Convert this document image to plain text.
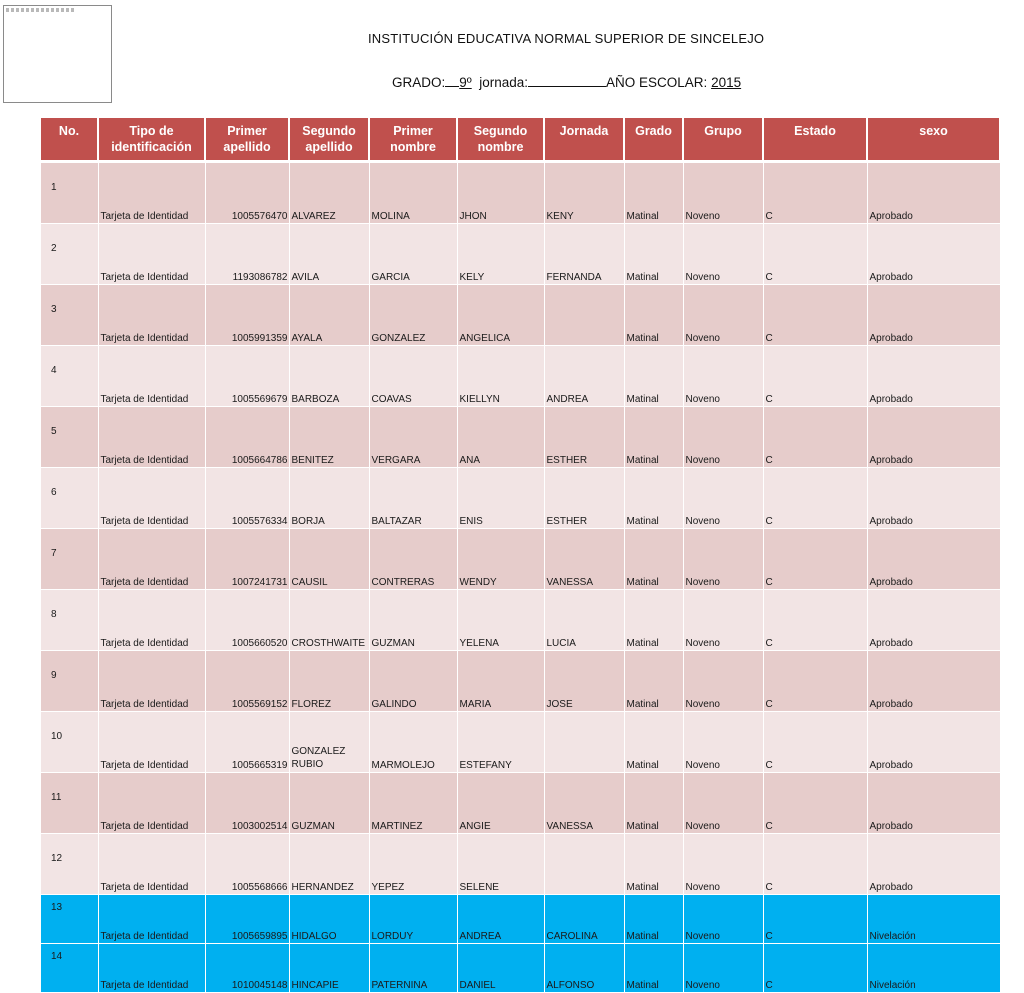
INSTITUCIÓN EDUCATIVA NORMAL SUPERIOR DE SINCELEJO
GRADO: 9º jornada:	AÑO ESCOLAR: 2015
No.	Tipo de identificación	Primer apellido	Segundo apellido	Primer nombre	Segundo nombre	Jornada	Grado	Grupo	Estado	sexo
1	Tarjeta de Identidad	1005576470	ALVAREZ	MOLINA	JHON	KENY	Matinal	Noveno	C	Aprobado
2	Tarjeta de Identidad	1193086782	AVILA	GARCIA	KELY	FERNANDA	Matinal	Noveno	C	Aprobado
3	Tarjeta de Identidad	1005991359	AYALA	GONZALEZ	ANGELICA		Matinal	Noveno	C	Aprobado
4	Tarjeta de Identidad	1005569679	BARBOZA	COAVAS	KIELLYN	ANDREA	Matinal	Noveno	C	Aprobado
5	Tarjeta de Identidad	1005664786	BENITEZ	VERGARA	ANA	ESTHER	Matinal	Noveno	C	Aprobado
6	Tarjeta de Identidad	1005576334	BORJA	BALTAZAR	ENIS	ESTHER	Matinal	Noveno	C	Aprobado
7	Tarjeta de Identidad	1007241731	CAUSIL	CONTRERAS	WENDY	VANESSA	Matinal	Noveno	C	Aprobado
8	Tarjeta de Identidad	1005660520	CROSTHWAITE	GUZMAN	YELENA	LUCIA	Matinal	Noveno	C	Aprobado
9	Tarjeta de Identidad	1005569152	FLOREZ	GALINDO	MARIA	JOSE	Matinal	Noveno	C	Aprobado
10	Tarjeta de Identidad	1005665319	GONZALEZ RUBIO	MARMOLEJO	ESTEFANY		Matinal	Noveno	C	Aprobado
11	Tarjeta de Identidad	1003002514	GUZMAN	MARTINEZ	ANGIE	VANESSA	Matinal	Noveno	C	Aprobado
12	Tarjeta de Identidad	1005568666	HERNANDEZ	YEPEZ	SELENE		Matinal	Noveno	C	Aprobado
13	Tarjeta de Identidad	1005659895	HIDALGO	LORDUY	ANDREA	CAROLINA	Matinal	Noveno	C	Nivelación
14	Tarjeta de Identidad	1010045148	HINCAPIE	PATERNINA	DANIEL	ALFONSO	Matinal	Noveno	C	Nivelación
